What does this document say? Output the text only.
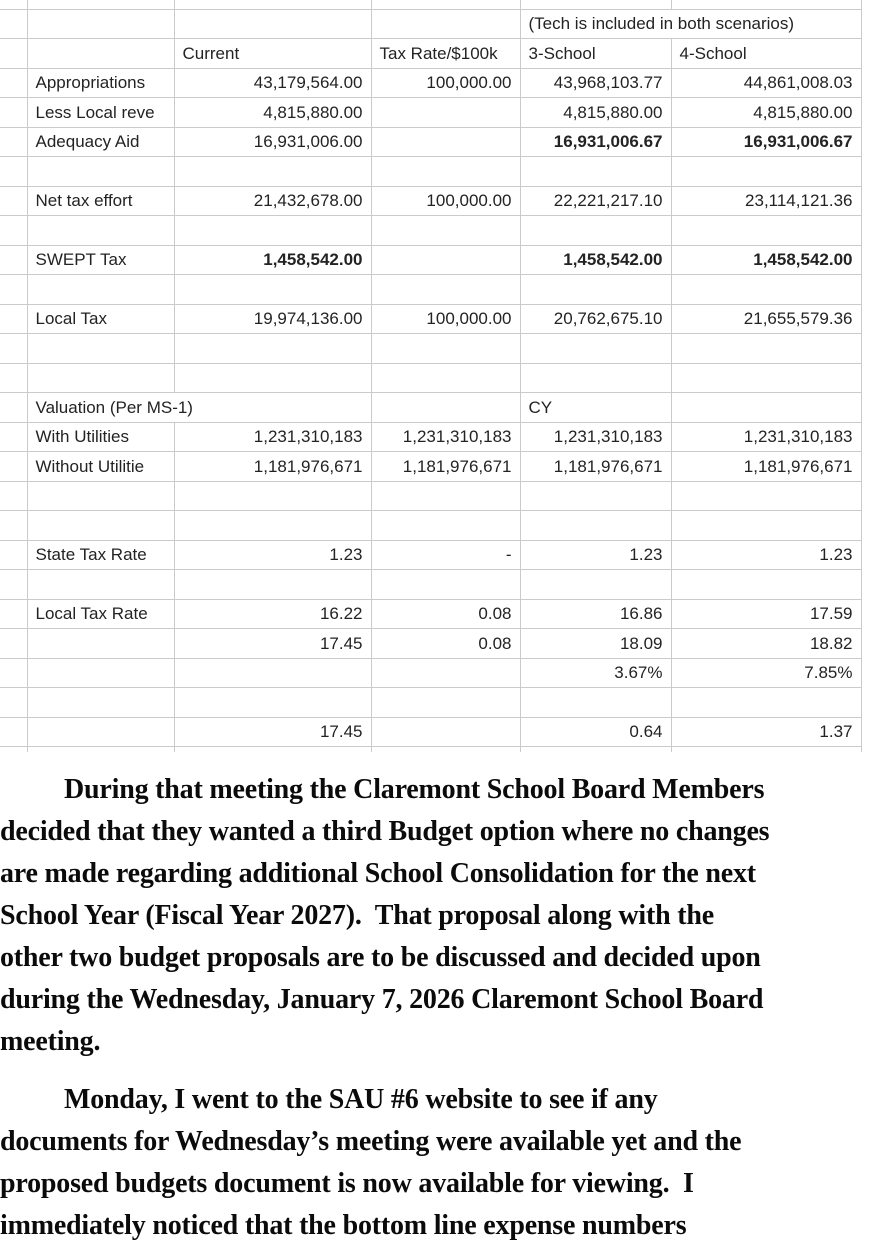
				(Tech is included in both scenarios)	
		Current	Tax Rate/$100k	3-School	4-School
	Appropriations	43,179,564.00	100,000.00	43,968,103.77	44,861,008.03
	Less Local reve	4,815,880.00		4,815,880.00	4,815,880.00
	Adequacy Aid	16,931,006.00		16,931,006.67	16,931,006.67

	Net tax effort	21,432,678.00	100,000.00	22,221,217.10	23,114,121.36

	SWEPT Tax	1,458,542.00		1,458,542.00	1,458,542.00

	Local Tax	19,974,136.00	100,000.00	20,762,675.10	21,655,579.36

	Valuation (Per MS-1)			CY	
	With Utilities	1,231,310,183	1,231,310,183	1,231,310,183	1,231,310,183
	Without Utilitie	1,181,976,671	1,181,976,671	1,181,976,671	1,181,976,671

	State Tax Rate	1.23	-	1.23	1.23

	Local Tax Rate	16.22	0.08	16.86	17.59
		17.45	0.08	18.09	18.82
				3.67%	7.85%

		17.45		0.64	1.37

During that meeting the Claremont School Board Members
decided that they wanted a third Budget option where no changes
are made regarding additional School Consolidation for the next
School Year (Fiscal Year 2027).  That proposal along with the
other two budget proposals are to be discussed and decided upon
during the Wednesday, January 7, 2026 Claremont School Board
meeting.
Monday, I went to the SAU #6 website to see if any
documents for Wednesday’s meeting were available yet and the
proposed budgets document is now available for viewing.  I
immediately noticed that the bottom line expense numbers
